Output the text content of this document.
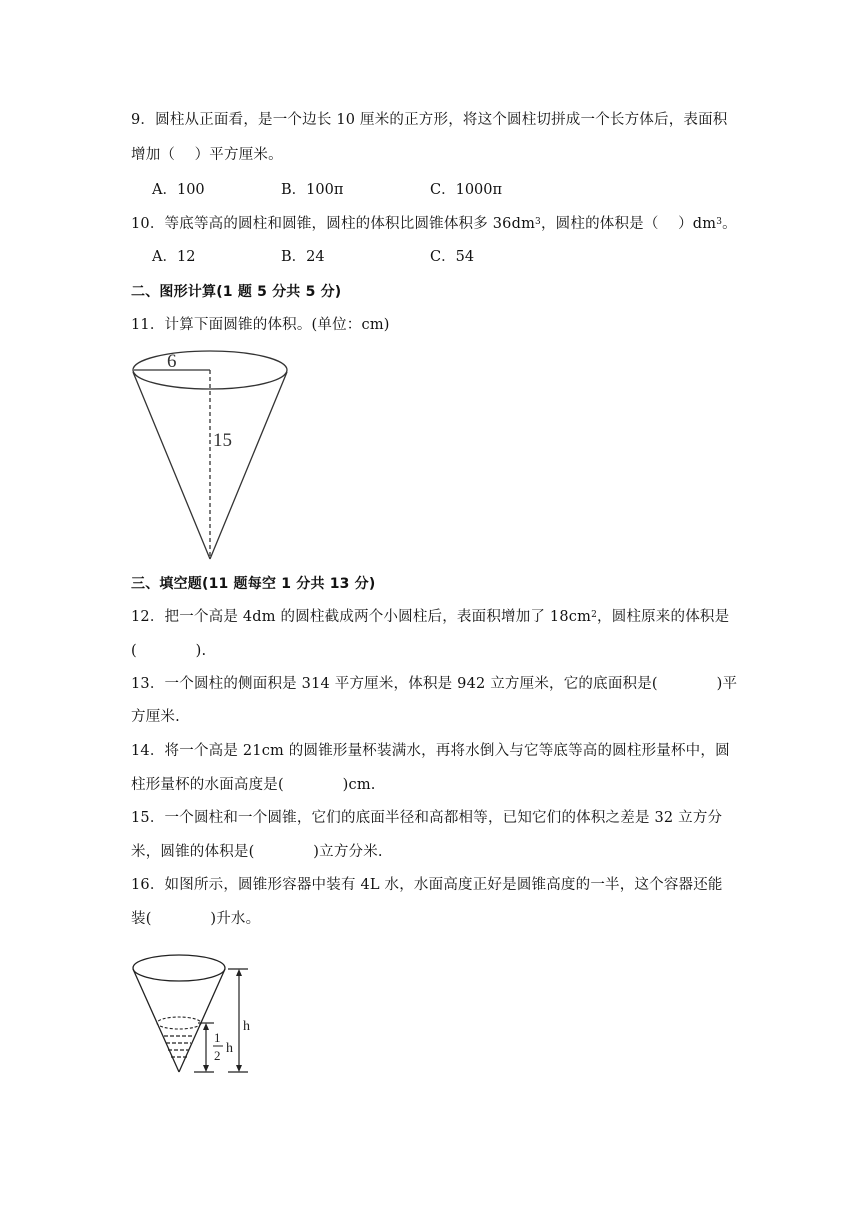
9．圆柱从正面看，是一个边长 10 厘米的正方形，将这个圆柱切拼成一个长方体后，表面积
增加（　 ）平方厘米。
A．100	B．100π	C．1000π
10．等底等高的圆柱和圆锥，圆柱的体积比圆锥体积多 $36dm^3$，圆柱的体积是（　 ）$dm^3$。
A．12	B．24	C．54
二、图形计算(1 题 5 分共 5 分)
11．计算下面圆锥的体积。(单位：cm)
6
15
三、填空题(11 题每空 1 分共 13 分)
12．把一个高是 4dm 的圆柱截成两个小圆柱后，表面积增加了 $18cm^2$，圆柱原来的体积是
(　　　　).
13．一个圆柱的侧面积是 314 平方厘米，体积是 942 立方厘米，它的底面积是(　　　　)平
方厘米.
14．将一个高是 21cm 的圆锥形量杯装满水，再将水倒入与它等底等高的圆柱形量杯中，圆
柱形量杯的水面高度是(　　　　)cm.
15．一个圆柱和一个圆锥，它们的底面半径和高都相等，已知它们的体积之差是 32 立方分
米，圆锥的体积是(　　　　)立方分米.
16．如图所示，圆锥形容器中装有 4L 水，水面高度正好是圆锥高度的一半，这个容器还能
装(　　　　)升水。
1
2 h
h
